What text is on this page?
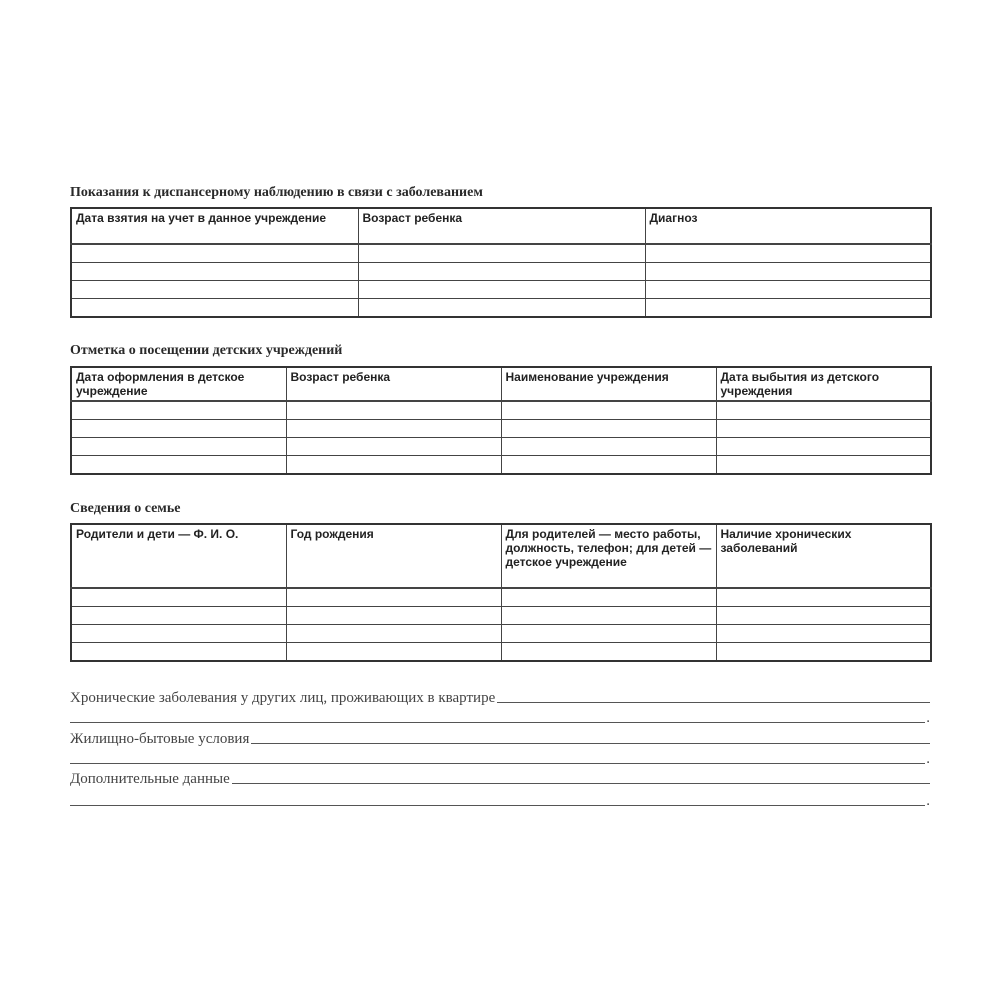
Показания к диспансерному наблюдению в связи с заболеванием
Дата взятия на учет в данное учреждение	Возраст ребенка	Диагноз

Отметка о посещении детских учреждений
Дата оформления в детское учреждение	Возраст ребенка	Наименование учреждения	Дата выбытия из детского учреждения

Сведения о семье
Родители и дети — Ф. И. О.	Год рождения	Для родителей — место работы, должность, телефон; для детей — детское учреждение	Наличие хронических заболеваний

Хронические заболевания у других лиц, проживающих в квартире
.
Жилищно-бытовые условия
.
Дополнительные данные
.
